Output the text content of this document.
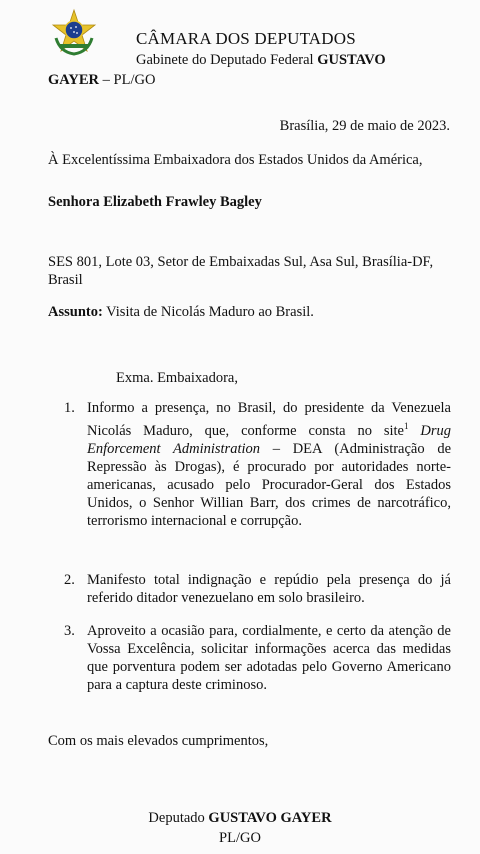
CÂMARA DOS DEPUTADOS
Gabinete do Deputado Federal GUSTAVO
GAYER – PL/GO
Brasília, 29 de maio de 2023.
À Excelentíssima Embaixadora dos Estados Unidos da América,
Senhora Elizabeth Frawley Bagley
SES 801, Lote 03, Setor de Embaixadas Sul, Asa Sul, Brasília-DF, Brasil
Assunto: Visita de Nicolás Maduro ao Brasil.
Exma. Embaixadora,
1. Informo a presença, no Brasil, do presidente da Venezuela Nicolás Maduro, que, conforme consta no site$^1$ Drug Enforcement Administration – DEA (Administração de Repressão às Drogas), é procurado por autoridades norte-americanas, acusado pelo Procurador-Geral dos Estados Unidos, o Senhor Willian Barr, dos crimes de narcotráfico, terrorismo internacional e corrupção.
2. Manifesto total indignação e repúdio pela presença do já referido ditador venezuelano em solo brasileiro.
3. Aproveito a ocasião para, cordialmente, e certo da atenção de Vossa Excelência, solicitar informações acerca das medidas que porventura podem ser adotadas pelo Governo Americano para a captura deste criminoso.
Com os mais elevados cumprimentos,
Deputado GUSTAVO GAYER
PL/GO
